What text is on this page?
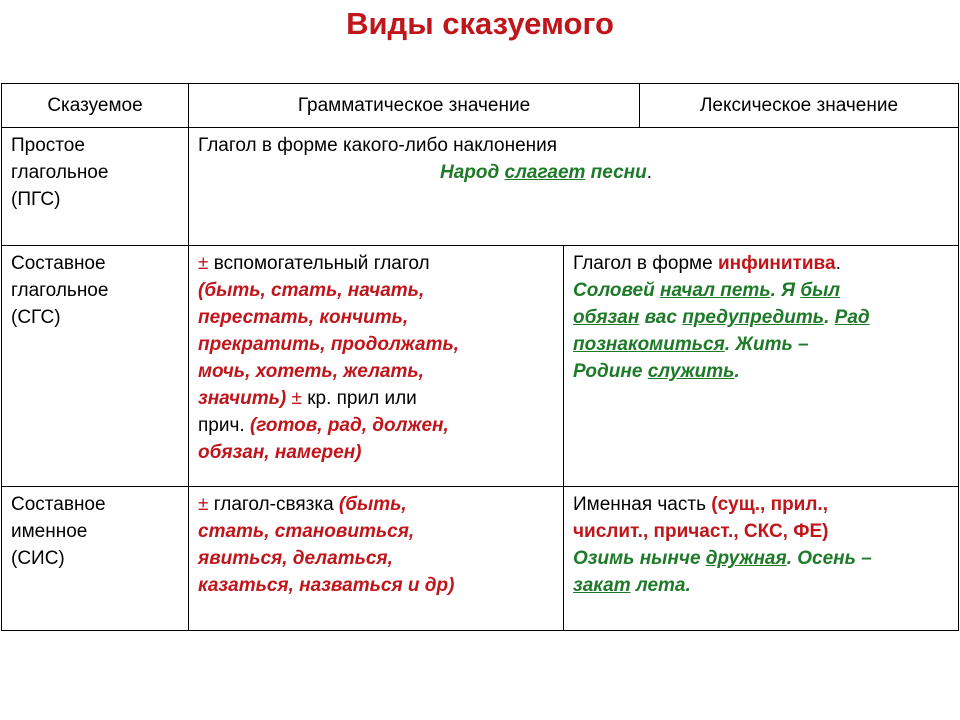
Виды сказуемого
Сказуемое	Грамматическое значение	Лексическое значение
Простое
глагольное
(ПГС)
Глагол в форме какого-либо наклонения
Народ слагает песни.
Составное
глагольное
(СГС)
± вспомогательный глагол
(быть, стать, начать,
перестать, кончить,
прекратить, продолжать,
мочь, хотеть, желать,
значить) ± кр. прил или
прич. (готов, рад, должен,
обязан, намерен)
Глагол в форме инфинитива.
Соловей начал петь. Я был
обязан вас предупредить. Рад
познакомиться. Жить –
Родине служить.
Составное
именное
(СИС)
± глагол-связка (быть,
стать, становиться,
явиться, делаться,
казаться, назваться и др)
Именная часть (сущ., прил.,
числит., причаст., СКС, ФЕ)
Озимь нынче дружная. Осень –
закат лета.
